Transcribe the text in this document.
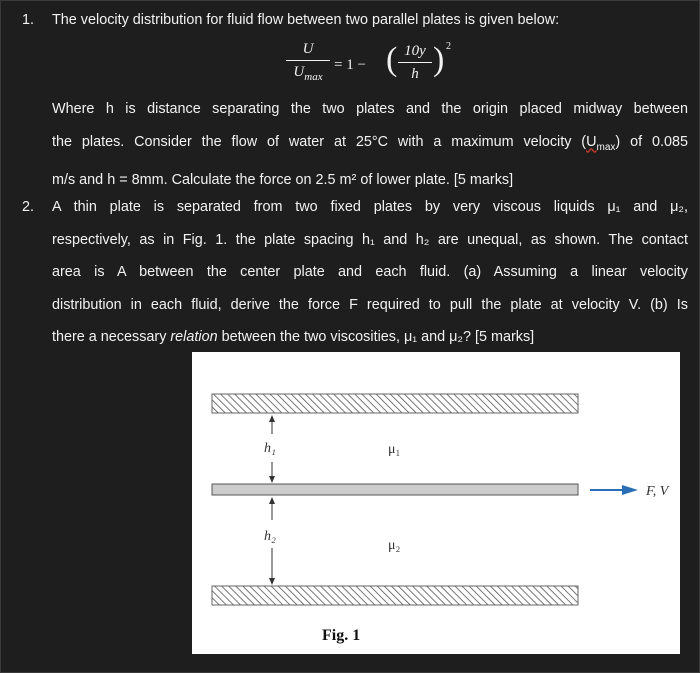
1. The velocity distribution for fluid flow between two parallel plates is given below:
U
$U_{max}$
= 1 − ( 10y
h ) 2
Where h is distance separating the two plates and the origin placed midway between
the plates. Consider the flow of water at 25°C with a maximum velocity $(U_{max})$ of 0.085
m/s and h = 8mm. Calculate the force on 2.5 m² of lower plate. [5 marks]
2. A thin plate is separated from two fixed plates by very viscous liquids μ₁ and μ₂,
respectively, as in Fig. 1. the plate spacing h₁ and h₂ are unequal, as shown. The contact
area is A between the center plate and each fluid. (a) Assuming a linear velocity
distribution in each fluid, derive the force F required to pull the plate at velocity V. (b) Is
there a necessary relation between the two viscosities, μ₁ and μ₂? [5 marks]
h₁
h₂
μ₁
μ₂
F, V
Fig. 1
